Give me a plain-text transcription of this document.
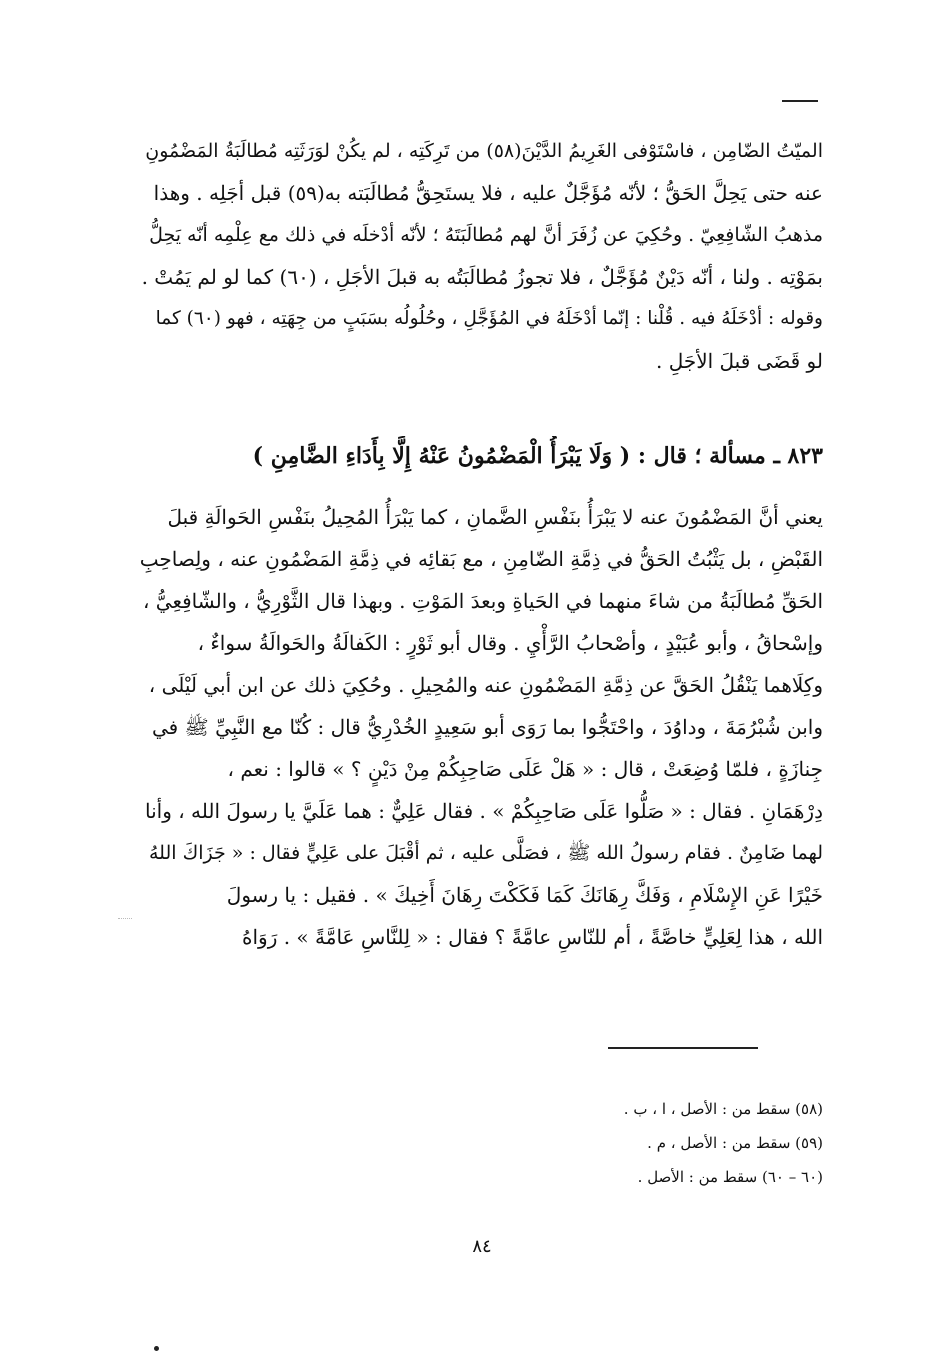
الميّتُ الضّامِن ، فاسْتَوْفى الغَرِيمُ الدَّيْنَ(٥٨) من تَرِكَتِه ، لم يكُنْ لوَرَثَتِه مُطالَبَةُ المَضْمُونِ
عنه حتى يَحِلَّ الحَقُّ ؛ لأنّه مُؤَجَّلٌ عليه ، فلا يستَحِقُّ مُطالَبَته به(٥٩) قبل أجَلِه . وهذا
مذهبُ الشّافِعِيّ . وحُكِيَ عن زُفَرَ أنَّ لهم مُطالَبَتَهُ ؛ لأنّه أدْخلَه في ذلك مع عِلْمِه أنّه يَحِلُّ
بمَوْتِه . ولنا ، أنّه دَيْنٌ مُؤَجَّلٌ ، فلا تجوزُ مُطالَبَتُه به قبلَ الأجَلِ ، (٦٠) كما لو لم يَمُتْ .
وقوله : أدْخَلَهُ فيه . قُلْنا : إنّما أدْخَلَهُ في المُؤَجَّلِ ، وحُلُولُه بسَبَبٍ من جِهَتِه ، فهو (٦٠) كما
لو قَضَى قبلَ الأجَلِ .
٨٢٣ ـ مسألة ؛ قال : ( وَلَا يَبْرَأُ الْمَضْمُونُ عَنْهُ إِلَّا بِأَدَاءِ الضَّامِنِ )
يعني أنَّ المَضْمُونَ عنه لا يَبْرَأُ بنَفْسِ الضَّمانِ ، كما يَبْرَأُ المُحِيلُ بنَفْسِ الحَوالَةِ قبلَ
القَبْضِ ، بل يَثْبُتُ الحَقُّ في ذِمَّةِ الضّامِنِ ، مع بَقائِه في ذِمَّةِ المَضْمُونِ عنه ، ولِصاحِبِ
الحَقِّ مُطالَبَةُ من شاءَ منهما في الحَياةِ وبعدَ المَوْتِ . وبهذا قال الثَّوْرِيُّ ، والشّافِعِيُّ ،
وإسْحاقُ ، وأبو عُبَيْدٍ ، وأصْحابُ الرَّأْيِ . وقال أبو ثَوْرٍ : الكَفالَةُ والحَوالَةُ سواءٌ ،
وكِلَاهما يَنْقُلُ الحَقَّ عن ذِمَّةِ المَضْمُونِ عنه والمُحِيلِ . وحُكِيَ ذلك عن ابن أبي لَيْلَى ،
وابن شُبْرُمَةَ ، وداوُدَ ، واحْتَجُّوا بما رَوَى أبو سَعِيدٍ الخُدْرِيُّ قال : كُنّا مع النَّبِيِّ ﷺ في
جِنازَةٍ ، فلمّا وُضِعَتْ ، قال : « هَلْ عَلَى صَاحِبِكُمْ مِنْ دَيْنٍ ؟ » قالوا : نعم ،
دِرْهَمَانِ . فقال : « صَلُّوا عَلَى صَاحِبِكُمْ » . فقال عَلِيٌّ : هما عَلَيَّ يا رسولَ الله ، وأنا
لهما ضَامِنٌ . فقام رسولُ الله ﷺ ، فصَلَّى عليه ، ثم أقْبَلَ على عَلِيٍّ فقال : « جَزَاكَ اللهُ
خَيْرًا عَنِ الإِسْلَامِ ، وَفَكَّ رِهَانَكَ كَمَا فَكَكْتَ رِهَانَ أَخِيكَ » . فقيل : يا رسولَ
الله ، هذا لِعَلِيٍّ خاصَّةً ، أم للنّاسِ عامَّةً ؟ فقال : « لِلنَّاسِ عَامَّةً » . رَوَاهُ
(٥٨) سقط من : الأصل ، ا ، ب .
(٥٩) سقط من : الأصل ، م .
(٦٠ – ٦٠) سقط من : الأصل .
٨٤
